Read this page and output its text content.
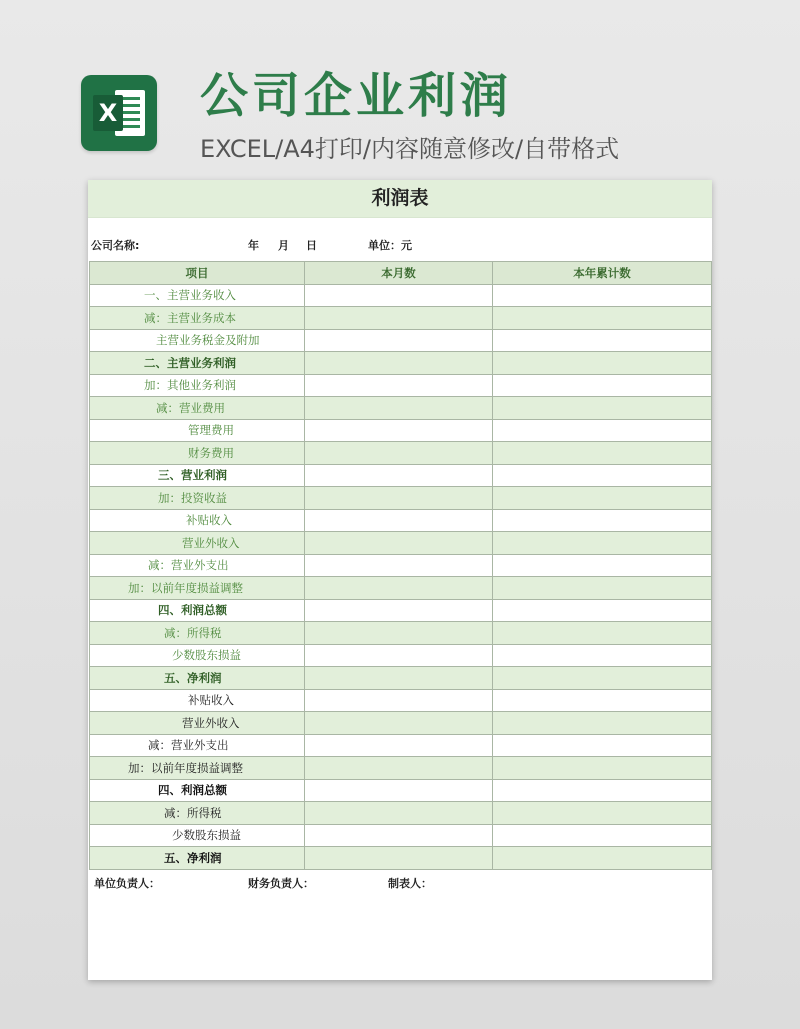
X 公司企业利润
EXCEL/A4打印/内容随意修改/自带格式
利润表
公司名称:	年 月 日	单位：元
项目	本月数	本年累计数
一、主营业务收入		
减：主营业务成本		
主营业务税金及附加		
二、主营业务利润		
加：其他业务利润		
减：营业费用		
管理费用		
财务费用		
三、营业利润		
加：投资收益		
补贴收入		
营业外收入		
减：营业外支出		
加：以前年度损益调整		
四、利润总额		
减：所得税		
少数股东损益		
五、净利润		
补贴收入		
营业外收入		
减：营业外支出		
加：以前年度损益调整		
四、利润总额		
减：所得税		
少数股东损益		
五、净利润		
单位负责人：	财务负责人：	制表人：
